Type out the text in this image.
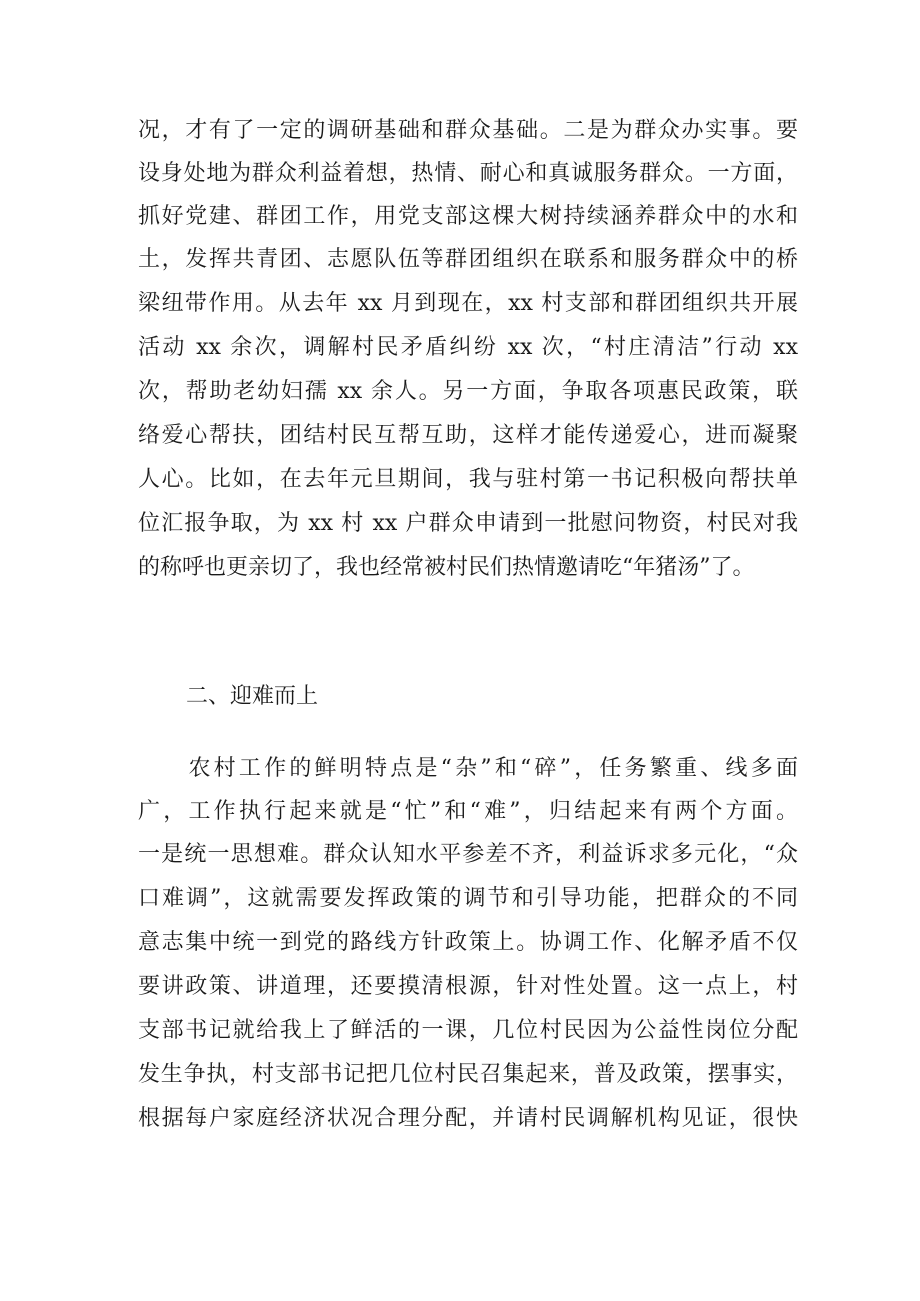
况，才有了一定的调研基础和群众基础。二是为群众办实事。要
设身处地为群众利益着想，热情、耐心和真诚服务群众。一方面，
抓好党建、群团工作，用党支部这棵大树持续涵养群众中的水和
土，发挥共青团、志愿队伍等群团组织在联系和服务群众中的桥
梁纽带作用。从去年 xx 月到现在，xx 村支部和群团组织共开展
活动 xx 余次，调解村民矛盾纠纷 xx 次，“村庄清洁”行动 xx
次，帮助老幼妇孺 xx 余人。另一方面，争取各项惠民政策，联
络爱心帮扶，团结村民互帮互助，这样才能传递爱心，进而凝聚
人心。比如，在去年元旦期间，我与驻村第一书记积极向帮扶单
位汇报争取，为 xx 村 xx 户群众申请到一批慰问物资，村民对我
的称呼也更亲切了，我也经常被村民们热情邀请吃“年猪汤”了。
二、迎难而上
　　农村工作的鲜明特点是“杂”和“碎”，任务繁重、线多面
广，工作执行起来就是“忙”和“难”，归结起来有两个方面。
一是统一思想难。群众认知水平参差不齐，利益诉求多元化，“众
口难调”，这就需要发挥政策的调节和引导功能，把群众的不同
意志集中统一到党的路线方针政策上。协调工作、化解矛盾不仅
要讲政策、讲道理，还要摸清根源，针对性处置。这一点上，村
支部书记就给我上了鲜活的一课，几位村民因为公益性岗位分配
发生争执，村支部书记把几位村民召集起来，普及政策，摆事实，
根据每户家庭经济状况合理分配，并请村民调解机构见证，很快
